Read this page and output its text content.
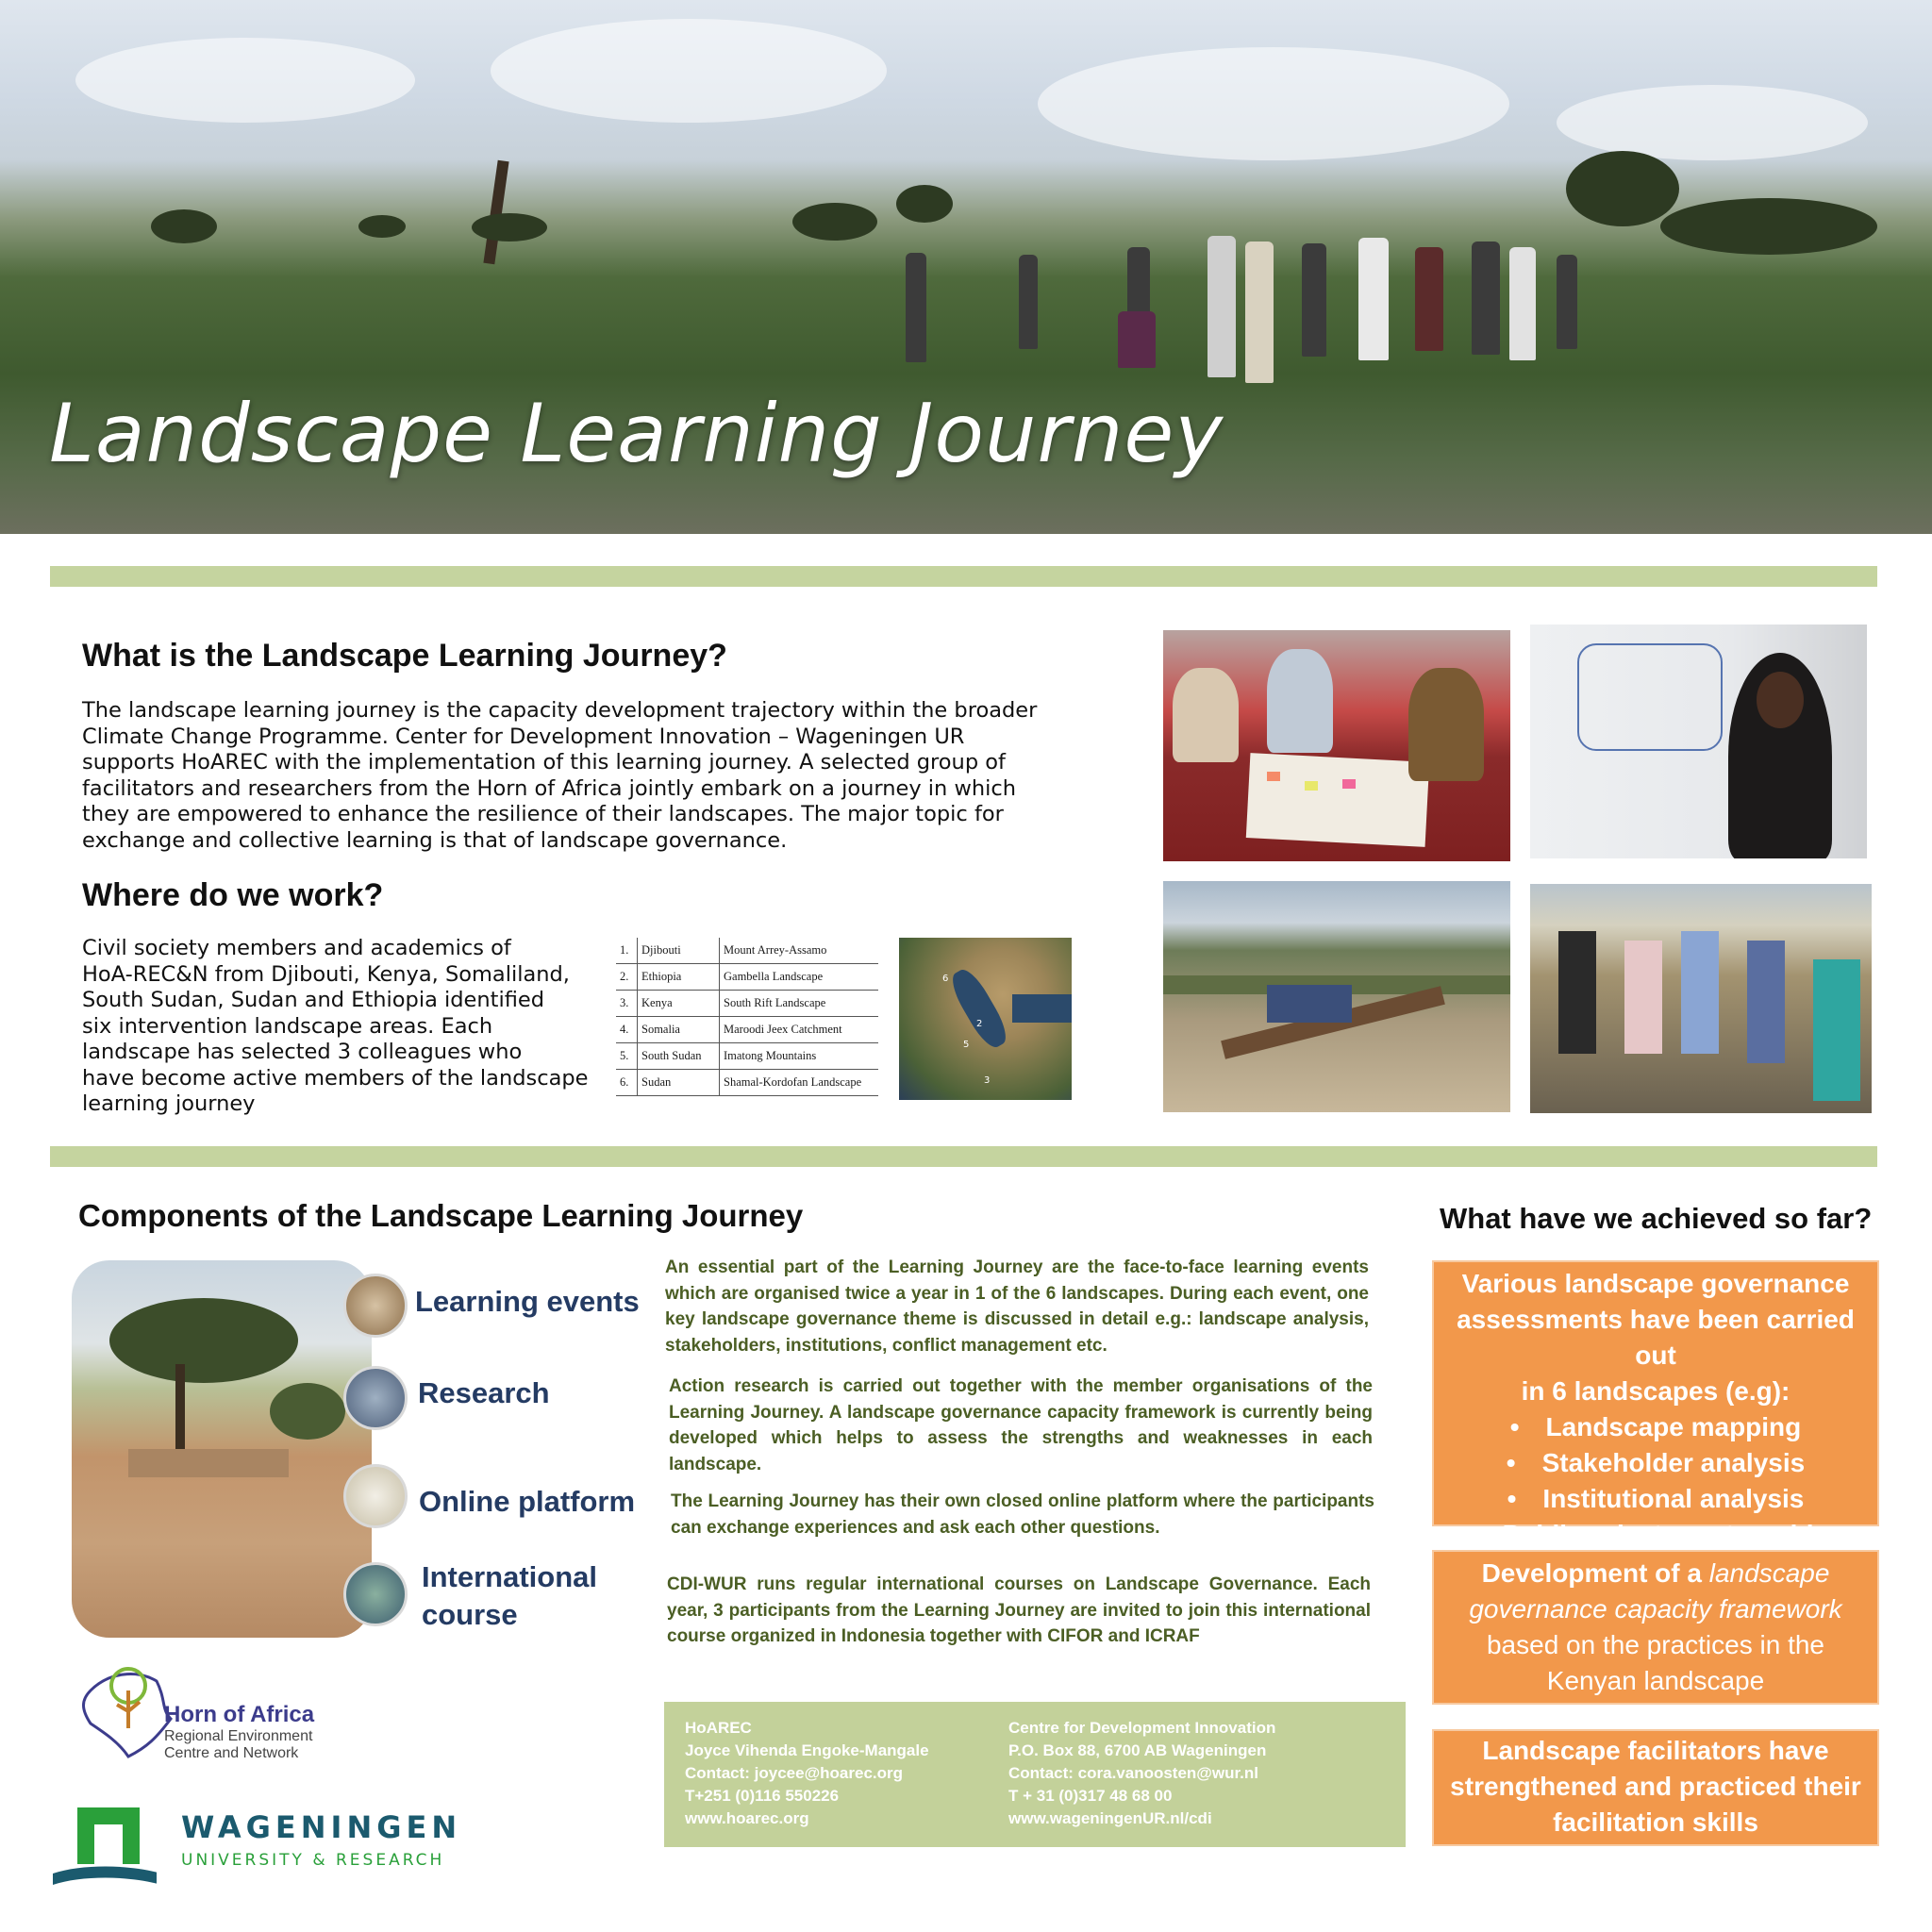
Landscape Learning Journey
What is the Landscape Learning Journey?
The landscape learning journey is the capacity development trajectory within the broader
Climate Change Programme. Center for Development Innovation – Wageningen UR
supports HoAREC with the implementation of this learning journey. A selected group of
facilitators and researchers from the Horn of Africa jointly embark on a journey in which
they are empowered to enhance the resilience of their landscapes. The major topic for
exchange and collective learning is that of landscape governance.
Where do we work?
Civil society members and academics of
HoA-REC&N from Djibouti, Kenya, Somaliland,
South Sudan, Sudan and Ethiopia identified
six intervention landscape areas. Each
landscape has selected 3 colleagues who
have become active members of the landscape
learning journey
1.	Djibouti	Mount Arrey-Assamo
2.	Ethiopia	Gambella Landscape
3.	Kenya	South Rift Landscape
4.	Somalia	Maroodi Jeex Catchment
5.	South Sudan	Imatong Mountains
6.	Sudan	Shamal-Kordofan Landscape
6
2
5
3
Components of the Landscape Learning Journey
Learning events
Research
Online platform
International
course
An essential part of the Learning Journey are the face-to-face learning events which are organised twice a year in 1 of the 6 landscapes. During each event, one key landscape governance theme is discussed in detail e.g.: landscape analysis, stakeholders, institutions, conflict management etc.
Action research is carried out together with the member organisations of the Learning Journey. A landscape governance capacity framework is currently being developed which helps to assess the strengths and weaknesses in each landscape.
The Learning Journey has their own closed online platform where the participants can exchange experiences and ask each other questions.
CDI-WUR runs regular international courses on Landscape Governance. Each year, 3 participants from the Learning Journey are invited to join this international course organized in Indonesia together with CIFOR and ICRAF
What have we achieved so far?
Various landscape governance
assessments have been carried out
in 6 landscapes (e.g):
• Landscape mapping
• Stakeholder analysis
• Institutional analysis
• Public-private partnerships
Development of a landscape
governance capacity framework
based on the practices in the
Kenyan landscape
Landscape facilitators have
strengthened and practiced their
facilitation skills
HoAREC
Joyce Vihenda Engoke-Mangale
Contact: joycee@hoarec.org
T+251 (0)116 550226
www.hoarec.org
Centre for Development Innovation
P.O. Box 88, 6700 AB Wageningen
Contact: cora.vanoosten@wur.nl
T + 31 (0)317 48 68 00
www.wageningenUR.nl/cdi
Horn of Africa
Regional Environment
Centre and Network
WAGENINGEN
UNIVERSITY & RESEARCH
